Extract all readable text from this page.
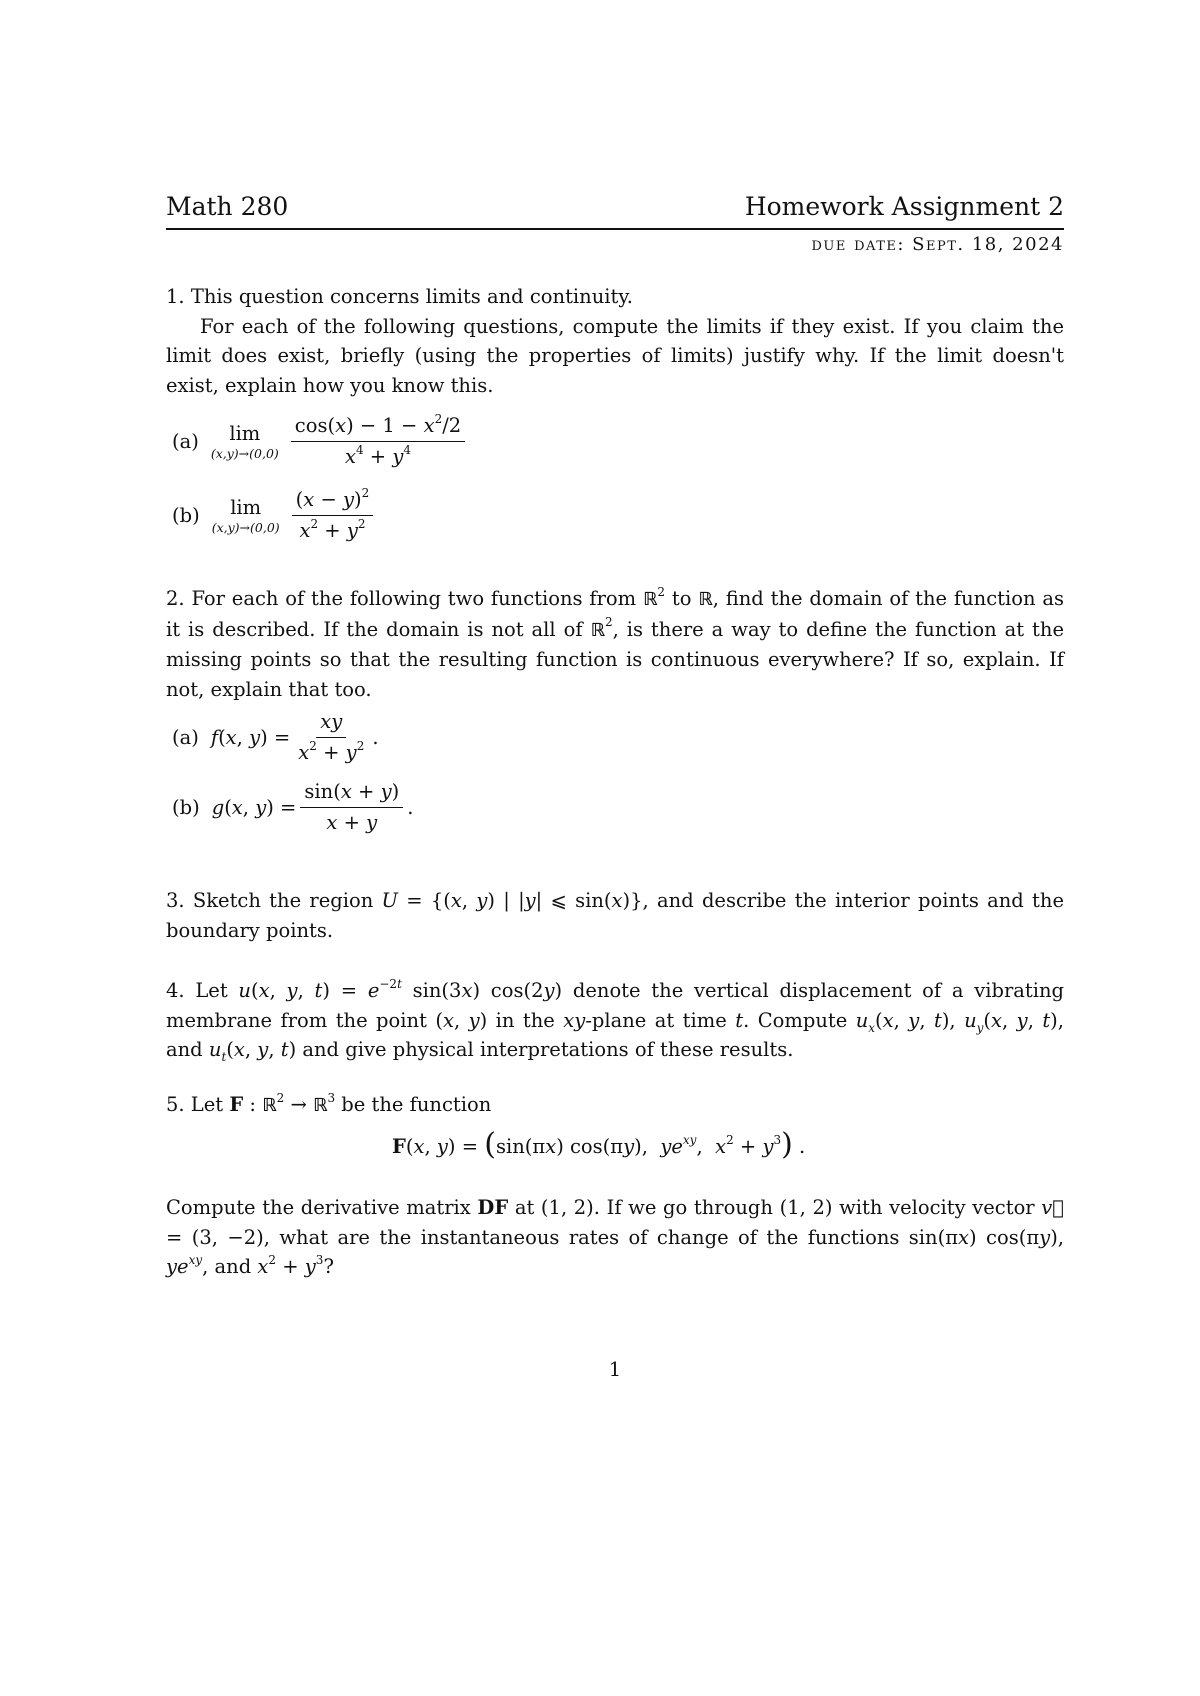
Math 280	Homework Assignment 2
due date: Sept. 18, 2024
1. This question concerns limits and continuity.
For each of the following questions, compute the limits if they exist. If you claim the limit does exist, briefly (using the properties of limits) justify why. If the limit doesn't exist, explain how you know this.
(a) lim
$(x,y)\to(0,0) \frac{\cos(x) - 1 - x^2/2}{x^4 + y^4}$
(b) lim
$(x,y)\to(0,0) \frac{(x - y)^2}{x^2 + y^2}$
2. For each of the following two functions from ℝ$^2$ to ℝ, find the domain of the function as it is described. If the domain is not all of ℝ$^2$, is there a way to define the function at the missing points so that the resulting function is continuous everywhere? If so, explain. If not, explain that too.
(a) f(x, $y) = \frac{xy}{x^2 + y^2}$ .
(b) g(x, $y) = \frac{\sin(x + y)}{x + y}$ .
3. Sketch the region U = {(x, y) | |y| ⩽ sin(x)}, and describe the interior points and the boundary points.
4. Let u(x, y, $t) = e^{-2t}$ sin(3x) cos(2y) denote the vertical displacement of a vibrating membrane from the point (x, y) in the xy-plane at time t. Compute $u_x(x$, y, t), $u_y(x$, y, t), and $u_t(x$, y, t) and give physical interpretations of these results.
5. Let F : ℝ$^2$ → ℝ$^3$ be the function
F(x, y) = (sin(πx) cos(πy),  $ye^{xy}$,  $x^2 + y^3$) .
Compute the derivative matrix DF at (1, 2). If we go through (1, 2) with velocity vector v⃗ = (3, −2), what are the instantaneous rates of change of the functions sin(πx) cos(πy), $ye^{xy}$, and $x^2 + y^3$?
1
